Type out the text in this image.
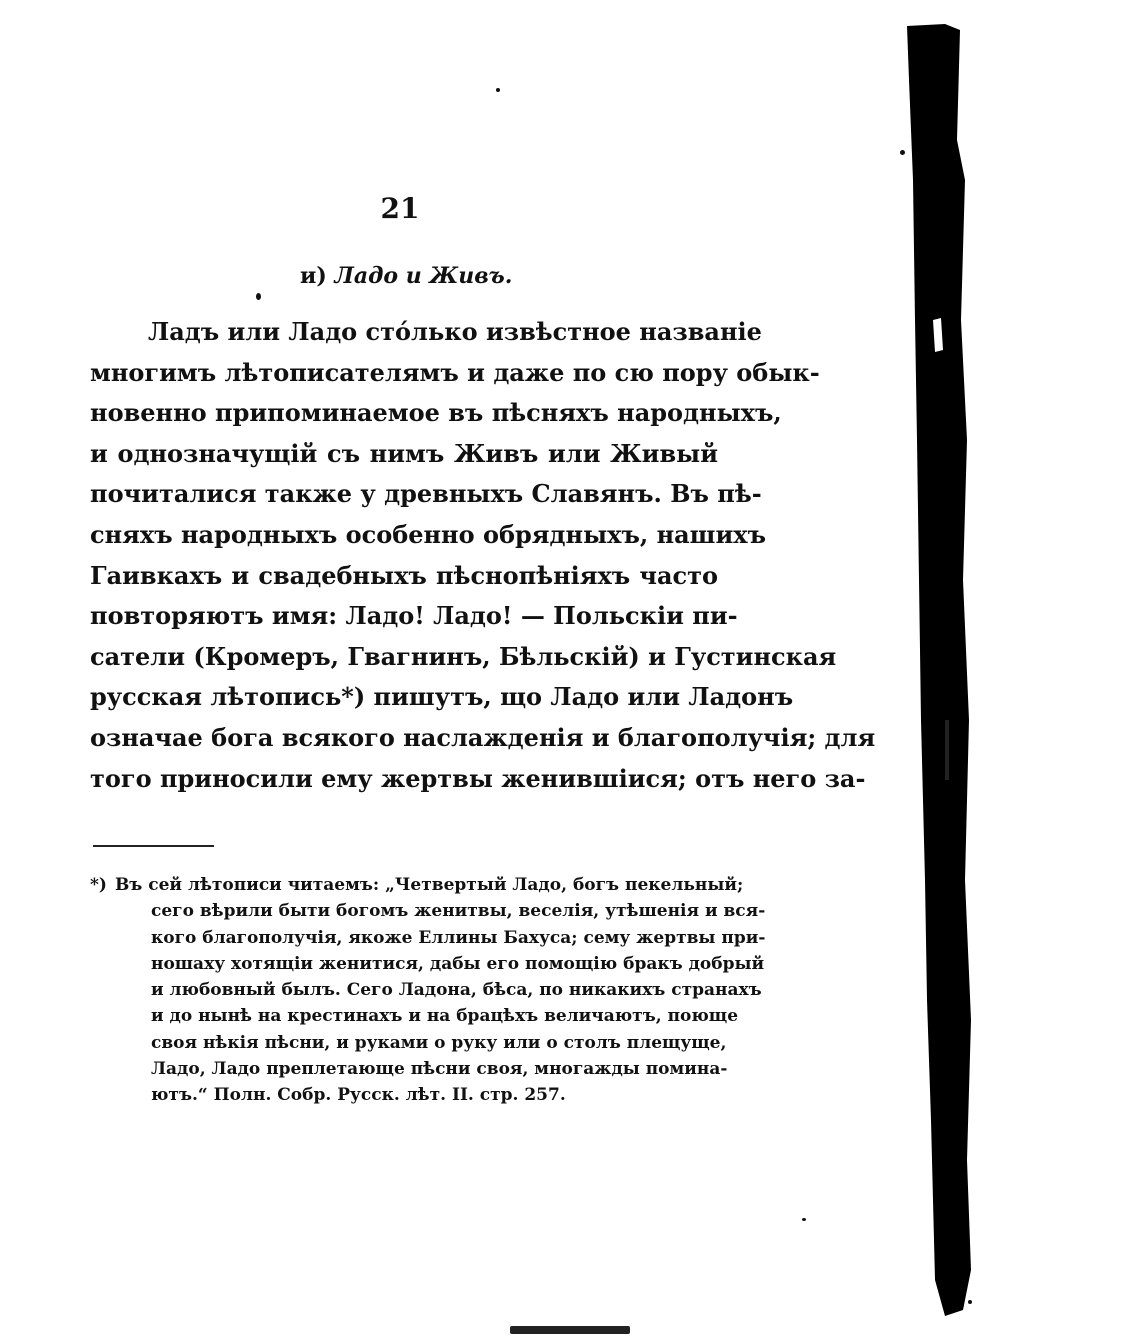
21
и) Ладо и Живъ.
Ладъ или Ладо стóлько извѣстное названіе
многимъ лѣтописателямъ и даже по сю пору обык-
новенно припоминаемое въ пѣсняхъ народныхъ,
и однозначущій съ нимъ Живъ или Живый
почиталися также у древныхъ Славянъ. Въ пѣ-
сняхъ народныхъ особенно обрядныхъ, нашихъ
Гаивкахъ и свадебныхъ пѣснопѣніяхъ часто
повторяютъ имя: Ладо! Ладо! — Польскіи пи-
сатели (Кромеръ, Гвагнинъ, Бѣльскій) и Густинская
русская лѣтопись*) пишутъ, що Ладо или Ладонъ
означае бога всякого наслажденія и благополучія; для
того приносили ему жертвы женившіися; отъ него за-
*) Въ сей лѣтописи читаемъ: „Четвертый Ладо, богъ пекельный;
сего вѣрили быти богомъ женитвы, веселія, утѣшенія и вся-
кого благополучія, якоже Еллины Бахуса; сему жертвы при-
ношаху хотящіи женитися, дабы его помощію бракъ добрый
и любовный былъ. Сего Ладона, бѣса, по никакихъ странахъ
и до нынѣ на крестинахъ и на брацѣхъ величаютъ, поюще
своя нѣкія пѣсни, и руками о руку или о столъ плещуще,
Ладо, Ладо преплетающе пѣсни своя, многажды поминa-
ютъ.“ Полн. Собр. Русск. лѣт. II. стр. 257.
